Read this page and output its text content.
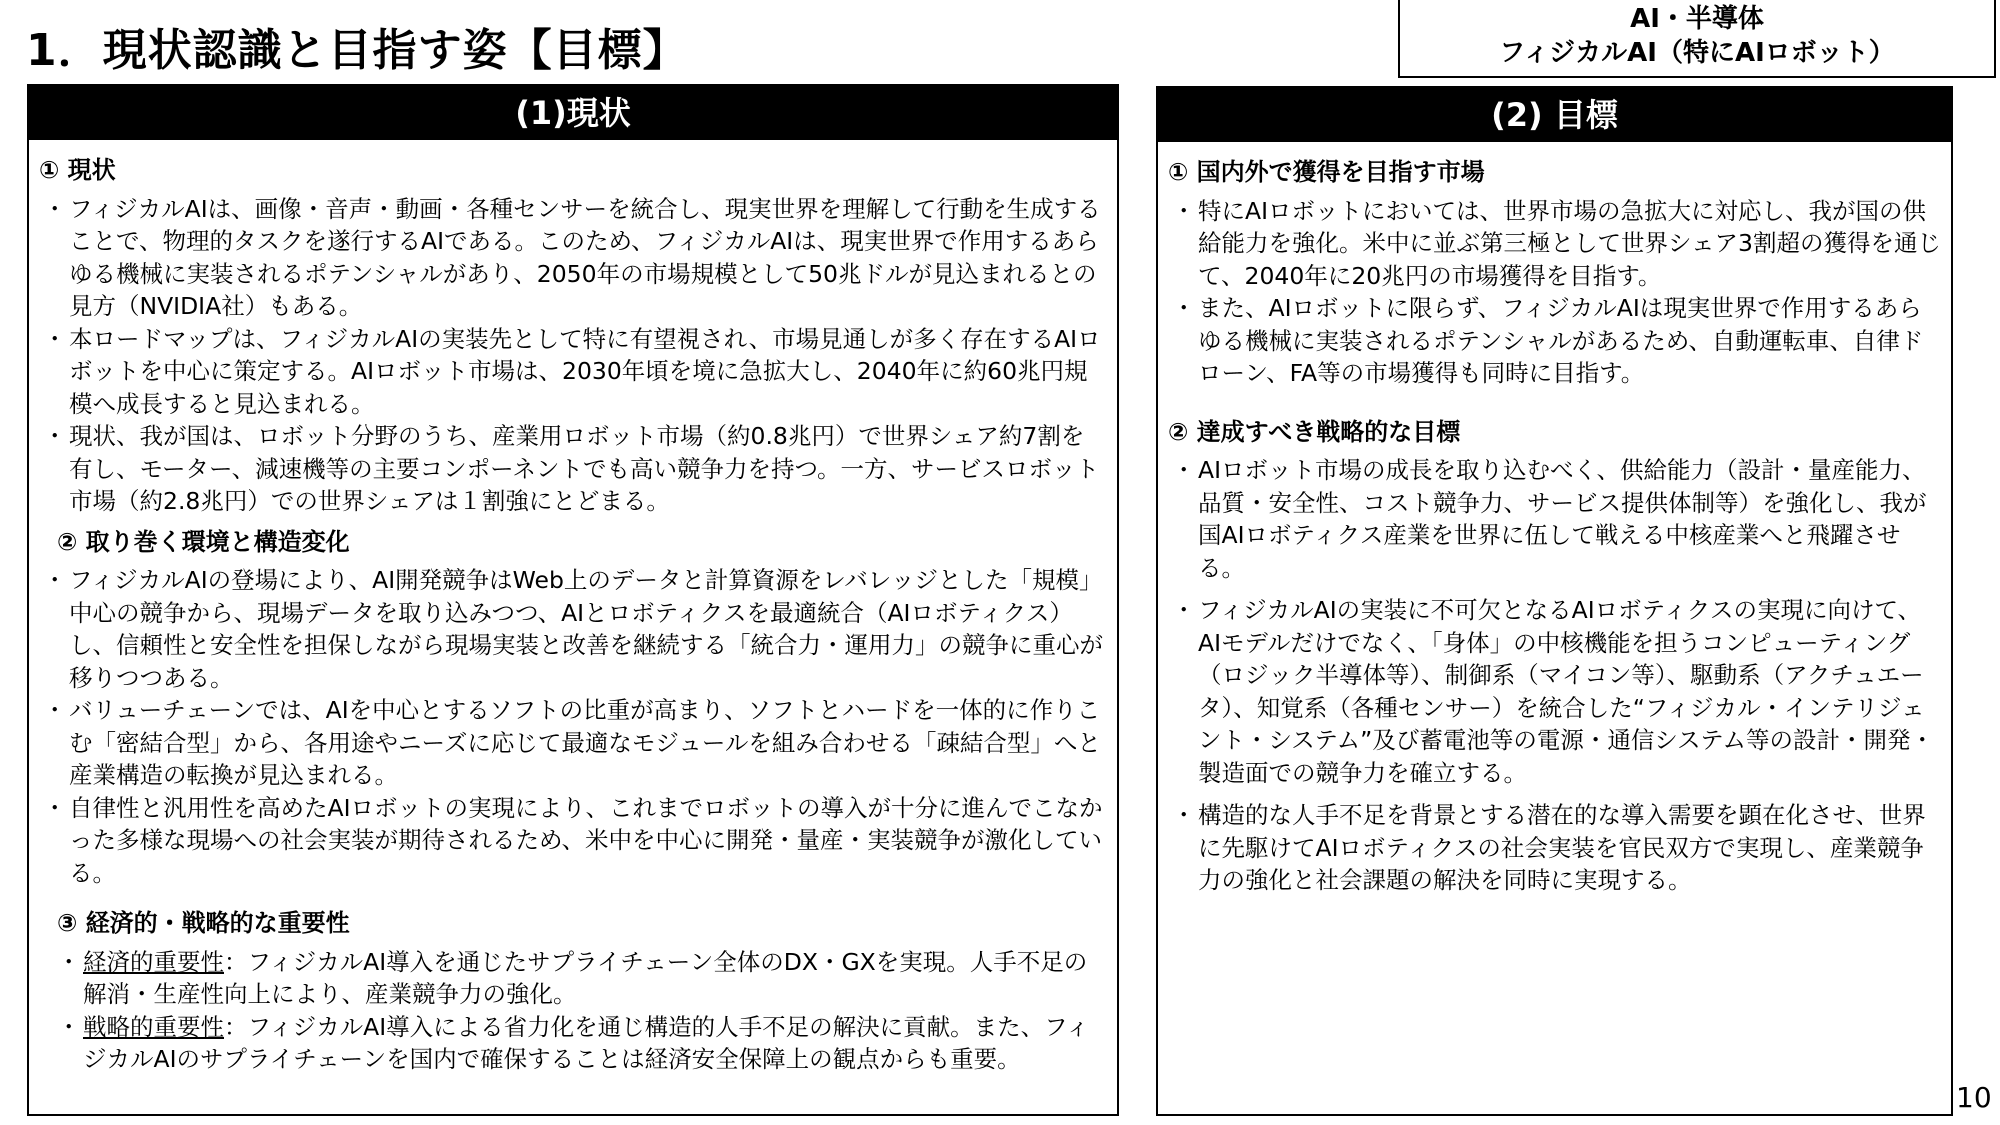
1．現状認識と目指す姿【目標】
AI・半導体
フィジカルAI（特にAIロボット）
(1)現状
① 現状

・ フィジカルAIは、画像・音声・動画・各種センサーを統合し、現実世界を理解して行動を生成することで、物理的タスクを遂行するAIである。このため、フィジカルAIは、現実世界で作用するあらゆる機械に実装されるポテンシャルがあり、2050年の市場規模として50兆ドルが見込まれるとの見方（NVIDIA社）もある。

・ 本ロードマップは、フィジカルAIの実装先として特に有望視され、市場見通しが多く存在するAIロボットを中心に策定する。AIロボット市場は、2030年頃を境に急拡大し、2040年に約60兆円規模へ成長すると見込まれる。

・ 現状、我が国は、ロボット分野のうち、産業用ロボット市場（約0.8兆円）で世界シェア約7割を有し、モーター、減速機等の主要コンポーネントでも高い競争力を持つ。一方、サービスロボット市場（約2.8兆円）での世界シェアは１割強にとどまる。

② 取り巻く環境と構造変化

・ フィジカルAIの登場により、AI開発競争はWeb上のデータと計算資源をレバレッジとした「規模」中心の競争から、現場データを取り込みつつ、AIとロボティクスを最適統合（AIロボティクス）し、信頼性と安全性を担保しながら現場実装と改善を継続する「統合力・運用力」の競争に重心が移りつつある。

・ バリューチェーンでは、AIを中心とするソフトの比重が高まり、ソフトとハードを一体的に作りこむ「密結合型」から、各用途やニーズに応じて最適なモジュールを組み合わせる「疎結合型」へと産業構造の転換が見込まれる。

・ 自律性と汎用性を高めたAIロボットの実現により、これまでロボットの導入が十分に進んでこなかった多様な現場への社会実装が期待されるため、米中を中心に開発・量産・実装競争が激化している。

③ 経済的・戦略的な重要性

・ 経済的重要性：フィジカルAI導入を通じたサプライチェーン全体のDX・GXを実現。人手不足の解消・生産性向上により、産業競争力の強化。

・ 戦略的重要性：フィジカルAI導入による省力化を通じ構造的人手不足の解決に貢献。また、フィジカルAIのサプライチェーンを国内で確保することは経済安全保障上の観点からも重要。

(2) 目標
① 国内外で獲得を目指す市場

・ 特にAIロボットにおいては、世界市場の急拡大に対応し、我が国の供給能力を強化。米中に並ぶ第三極として世界シェア3割超の獲得を通じて、2040年に20兆円の市場獲得を目指す。

・ また、AIロボットに限らず、フィジカルAIは現実世界で作用するあらゆる機械に実装されるポテンシャルがあるため、自動運転車、自律ドローン、FA等の市場獲得も同時に目指す。

② 達成すべき戦略的な目標

・ AIロボット市場の成長を取り込むべく、供給能力（設計・量産能力、品質・安全性、コスト競争力、サービス提供体制等）を強化し、我が国AIロボティクス産業を世界に伍して戦える中核産業へと飛躍させる。

・ フィジカルAIの実装に不可欠となるAIロボティクスの実現に向けて、AIモデルだけでなく、「身体」の中核機能を担うコンピューティング（ロジック半導体等）、制御系（マイコン等）、駆動系（アクチュエータ）、知覚系（各種センサー）を統合した“フィジカル・インテリジェント・システム”及び蓄電池等の電源・通信システム等の設計・開発・製造面での競争力を確立する。

・ 構造的な人手不足を背景とする潜在的な導入需要を顕在化させ、世界に先駆けてAIロボティクスの社会実装を官民双方で実現し、産業競争力の強化と社会課題の解決を同時に実現する。

10
